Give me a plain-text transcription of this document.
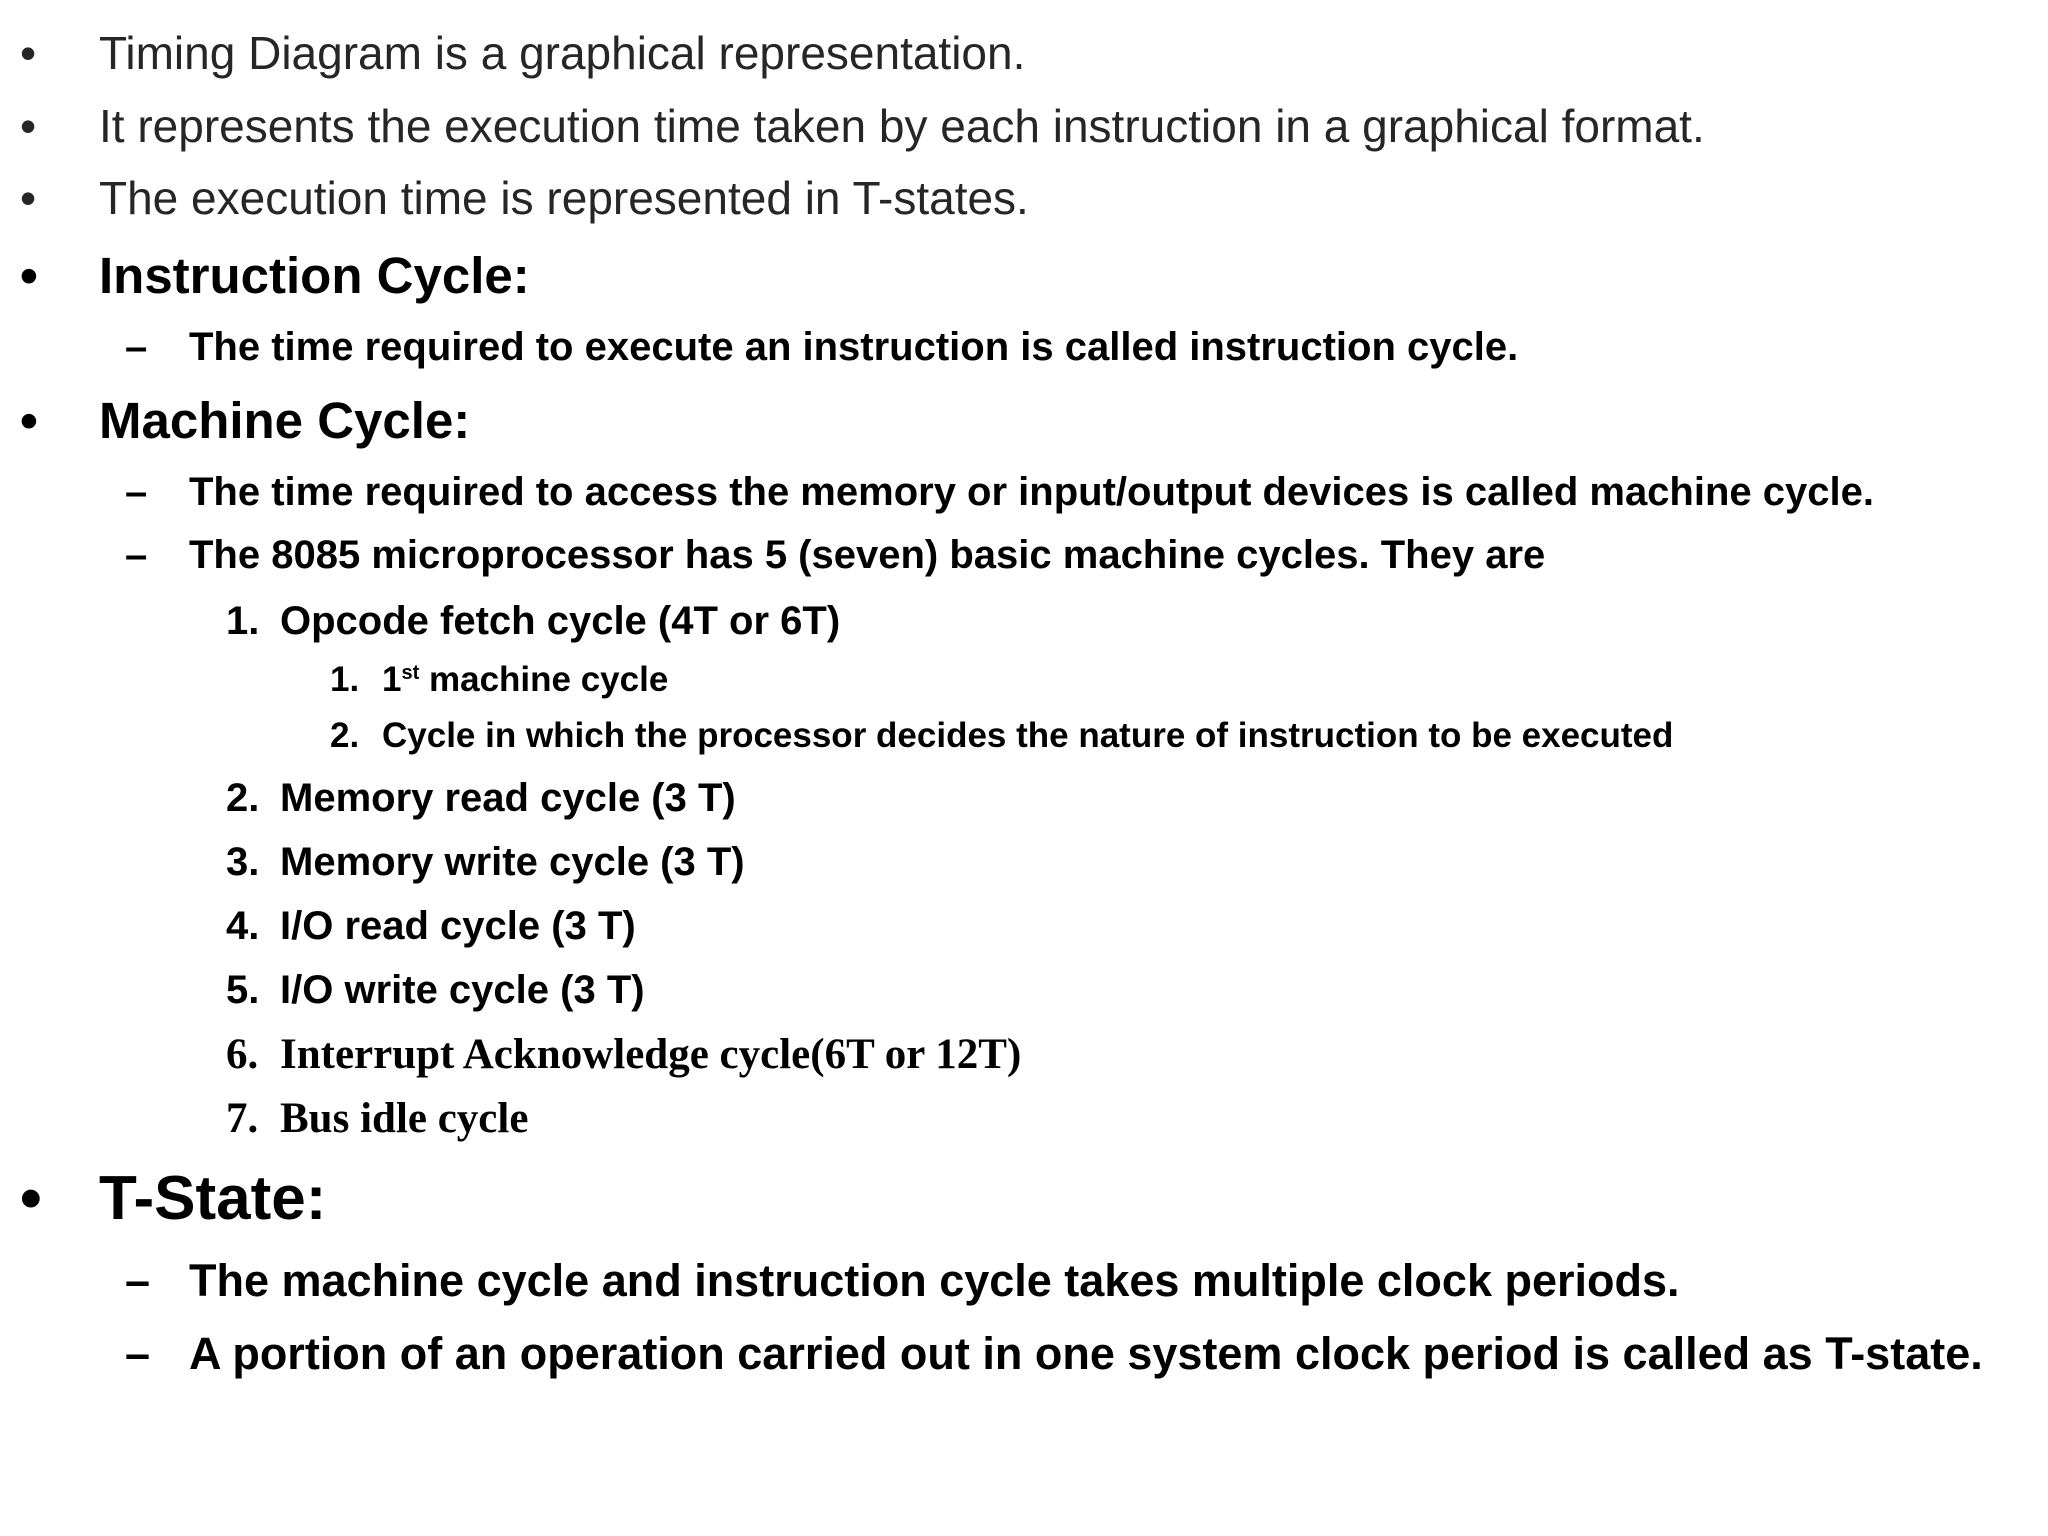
• Timing Diagram is a graphical representation.
• It represents the execution time taken by each instruction in a graphical format.
• The execution time is represented in T-states.
• Instruction Cycle:
– The time required to execute an instruction is called instruction cycle.
• Machine Cycle:
– The time required to access the memory or input/output devices is called machine cycle.
– The 8085 microprocessor has 5 (seven) basic machine cycles. They are
1. Opcode fetch cycle (4T or 6T)
1. 1st machine cycle
2. Cycle in which the processor decides the nature of instruction to be executed
2. Memory read cycle (3 T)
3. Memory write cycle (3 T)
4. I/O read cycle (3 T)
5. I/O write cycle (3 T)
6. Interrupt Acknowledge cycle(6T or 12T)
7. Bus idle cycle
• T-State:
– The machine cycle and instruction cycle takes multiple clock periods.
– A portion of an operation carried out in one system clock period is called as T-state.
